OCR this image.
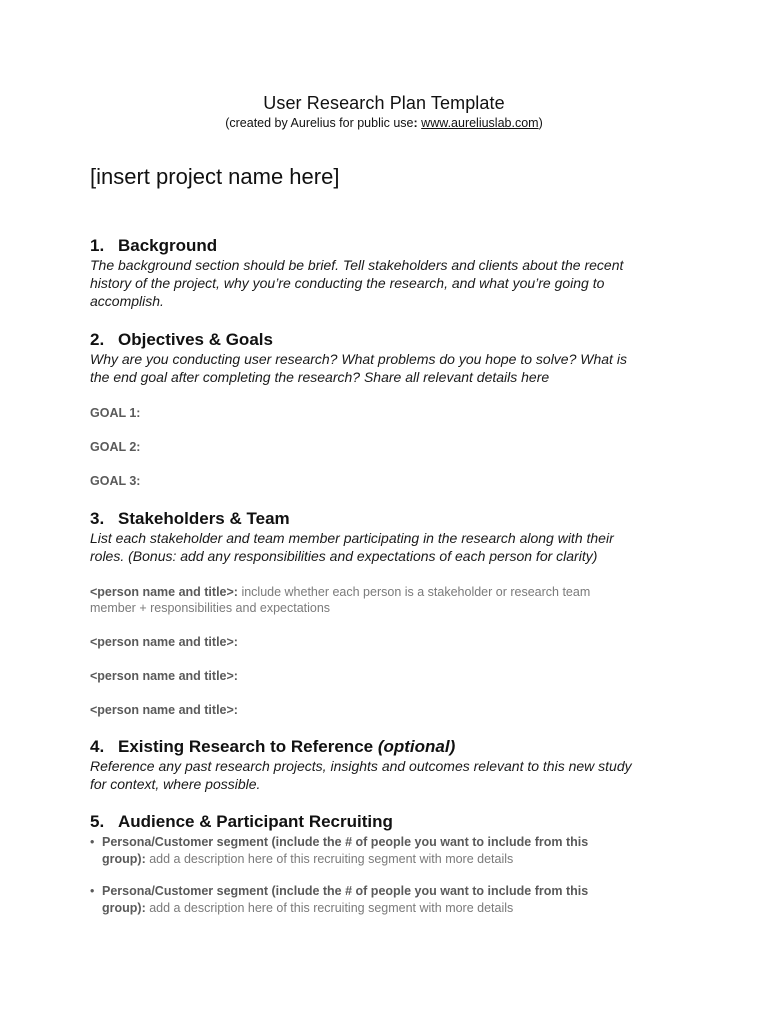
User Research Plan Template
(created by Aurelius for public use: www.aureliuslab.com)
[insert project name here]

1. Background

The background section should be brief. Tell stakeholders and clients about the recent
history of the project, why you’re conducting the research, and what you’re going to
accomplish.

2. Objectives & Goals

Why are you conducting user research? What problems do you hope to solve? What is
the end goal after completing the research? Share all relevant details here

GOAL 1:
GOAL 2:
GOAL 3:

3. Stakeholders & Team

List each stakeholder and team member participating in the research along with their
roles. (Bonus: add any responsibilities and expectations of each person for clarity)

<person name and title>: include whether each person is a stakeholder or research team
member + responsibilities and expectations
<person name and title>:
<person name and title>:
<person name and title>:

4. Existing Research to Reference (optional)

Reference any past research projects, insights and outcomes relevant to this new study
for context, where possible.

5. Audience & Participant Recruiting

• Persona/Customer segment (include the # of people you want to include from this
group): add a description here of this recruiting segment with more details
• Persona/Customer segment (include the # of people you want to include from this
group): add a description here of this recruiting segment with more details
